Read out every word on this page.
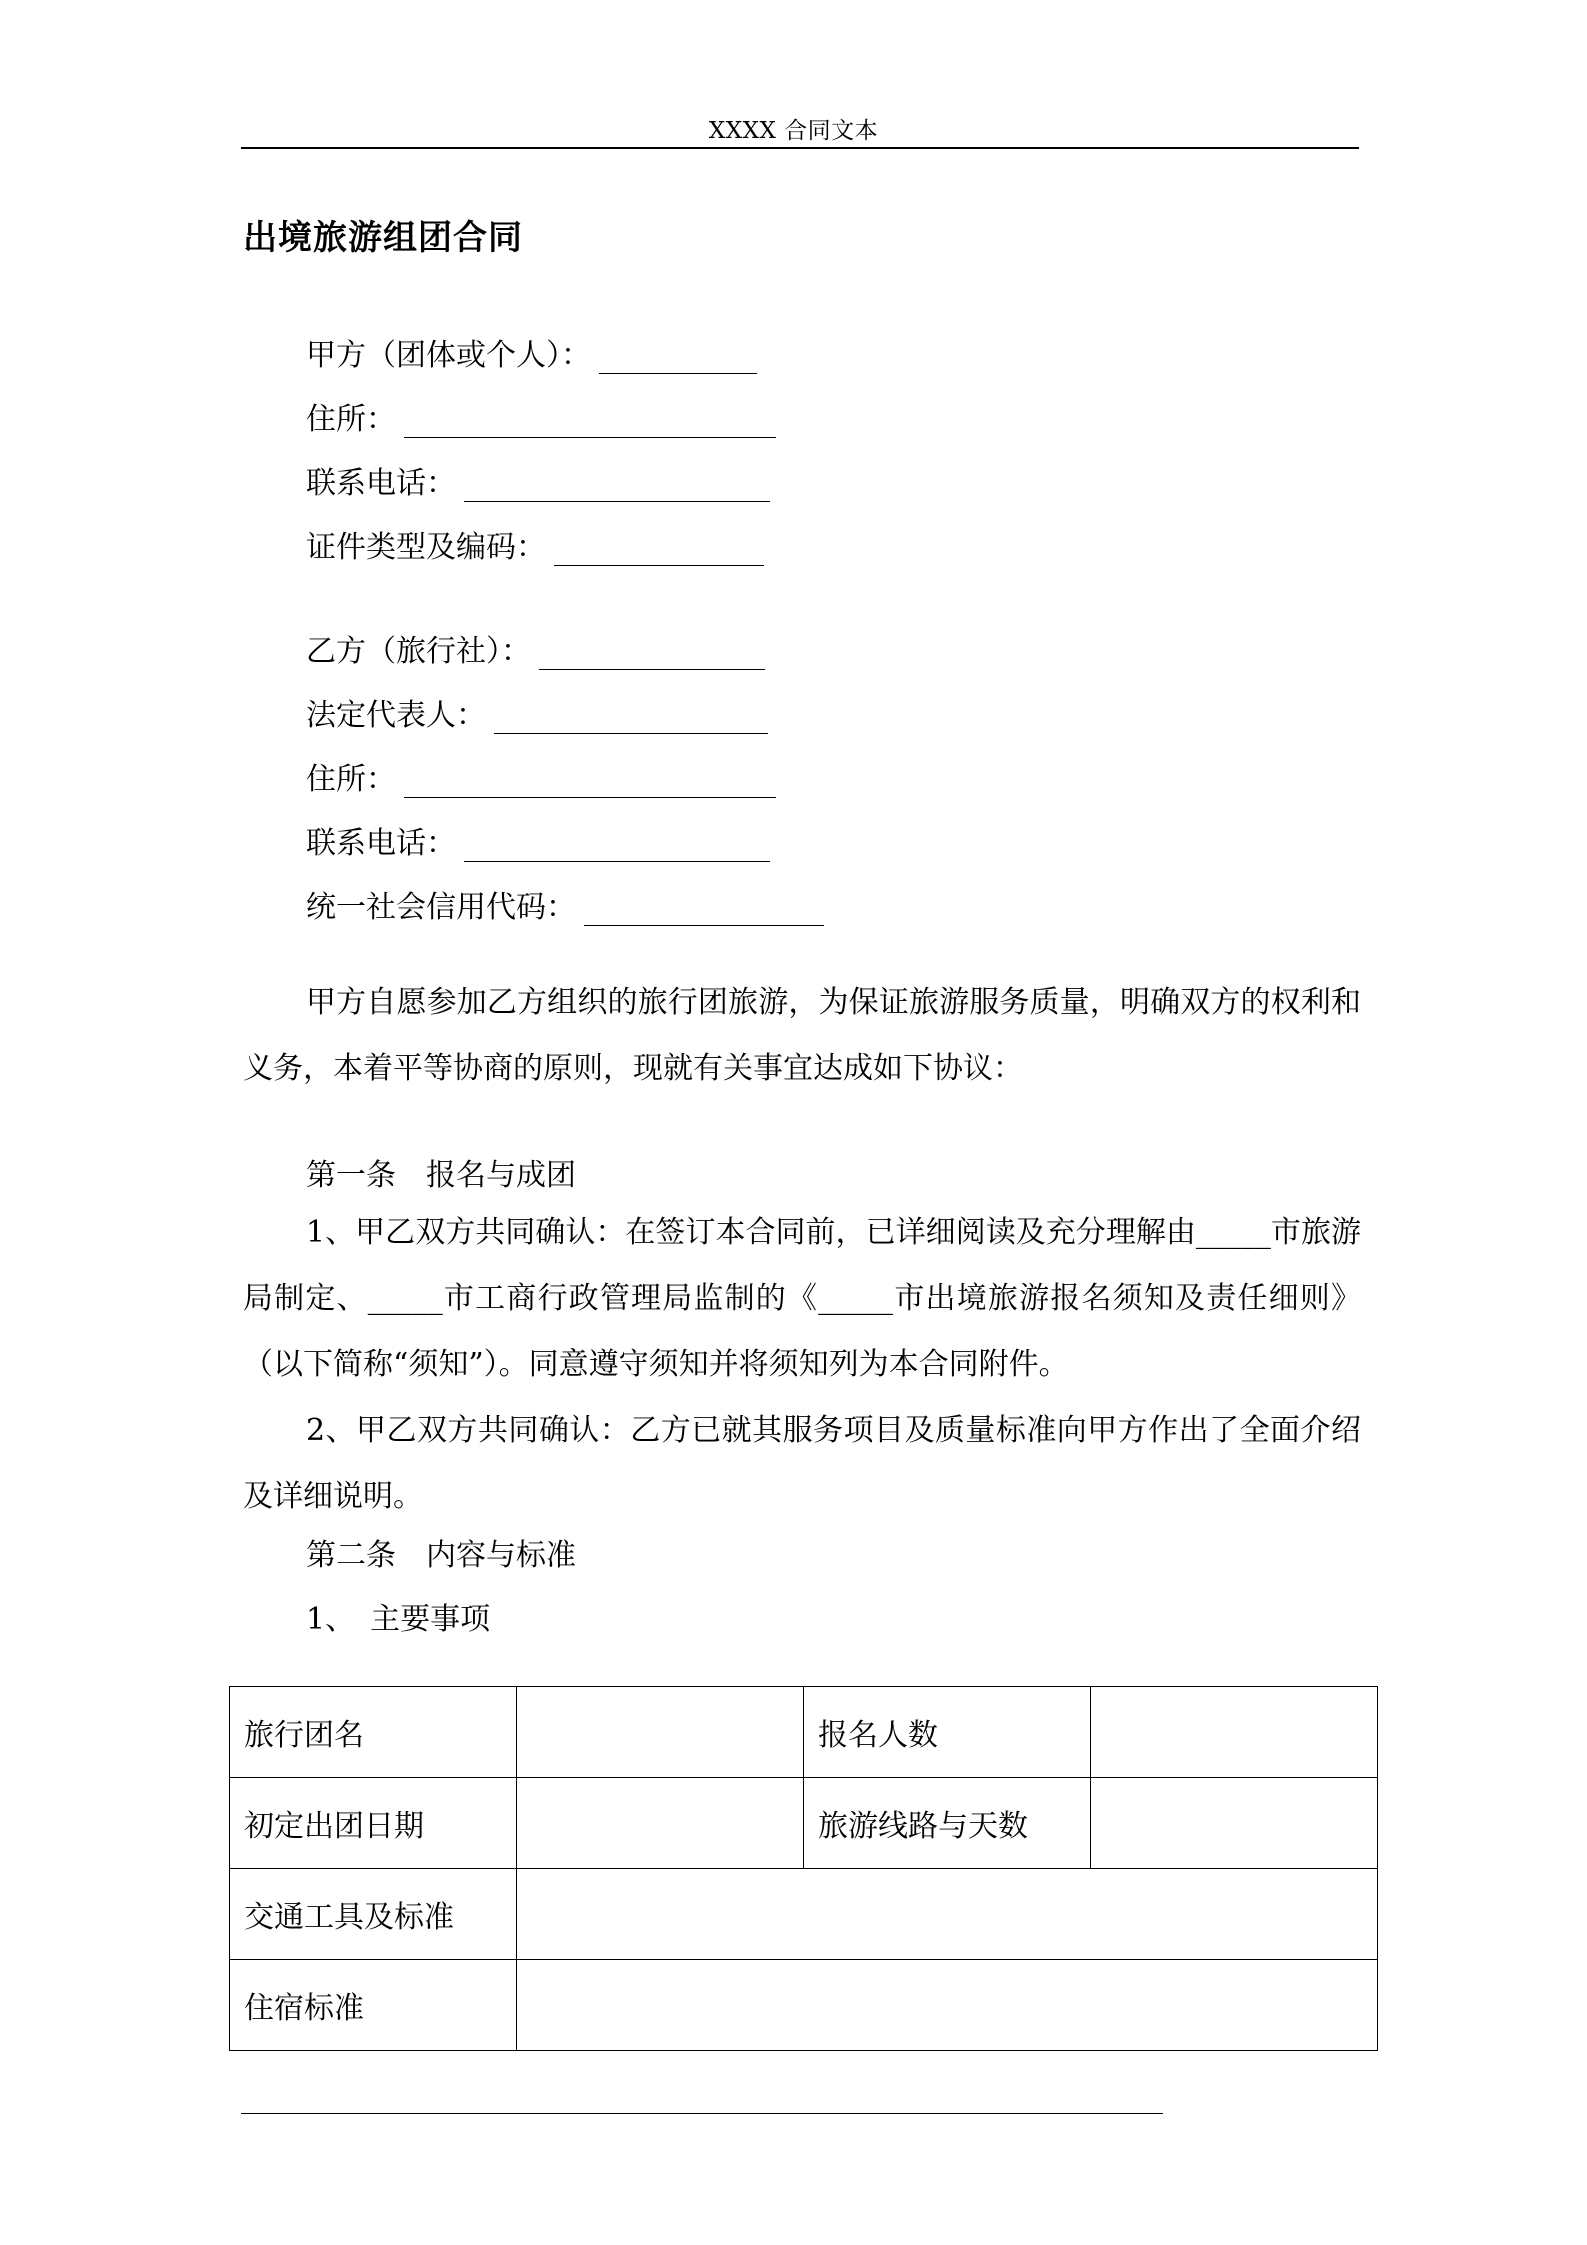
XXXX 合同文本
出境旅游组团合同
甲方（团体或个人）：
住所：
联系电话：
证件类型及编码：
乙方（旅行社）：
法定代表人：
住所：
联系电话：
统一社会信用代码：
甲方自愿参加乙方组织的旅行团旅游，为保证旅游服务质量，明确双方的权利和义务，本着平等协商的原则，现就有关事宜达成如下协议：
第一条　报名与成团
1、甲乙双方共同确认：在签订本合同前，已详细阅读及充分理解由_____市旅游局制定、_____市工商行政管理局监制的《_____市出境旅游报名须知及责任细则》 （以下简称“须知”）。同意遵守须知并将须知列为本合同附件。
2、甲乙双方共同确认：乙方已就其服务项目及质量标准向甲方作出了全面介绍及详细说明。
第二条　内容与标准
1、　主要事项
旅行团名		报名人数	
初定出团日期		旅游线路与天数	
交通工具及标准			
住宿标准			
